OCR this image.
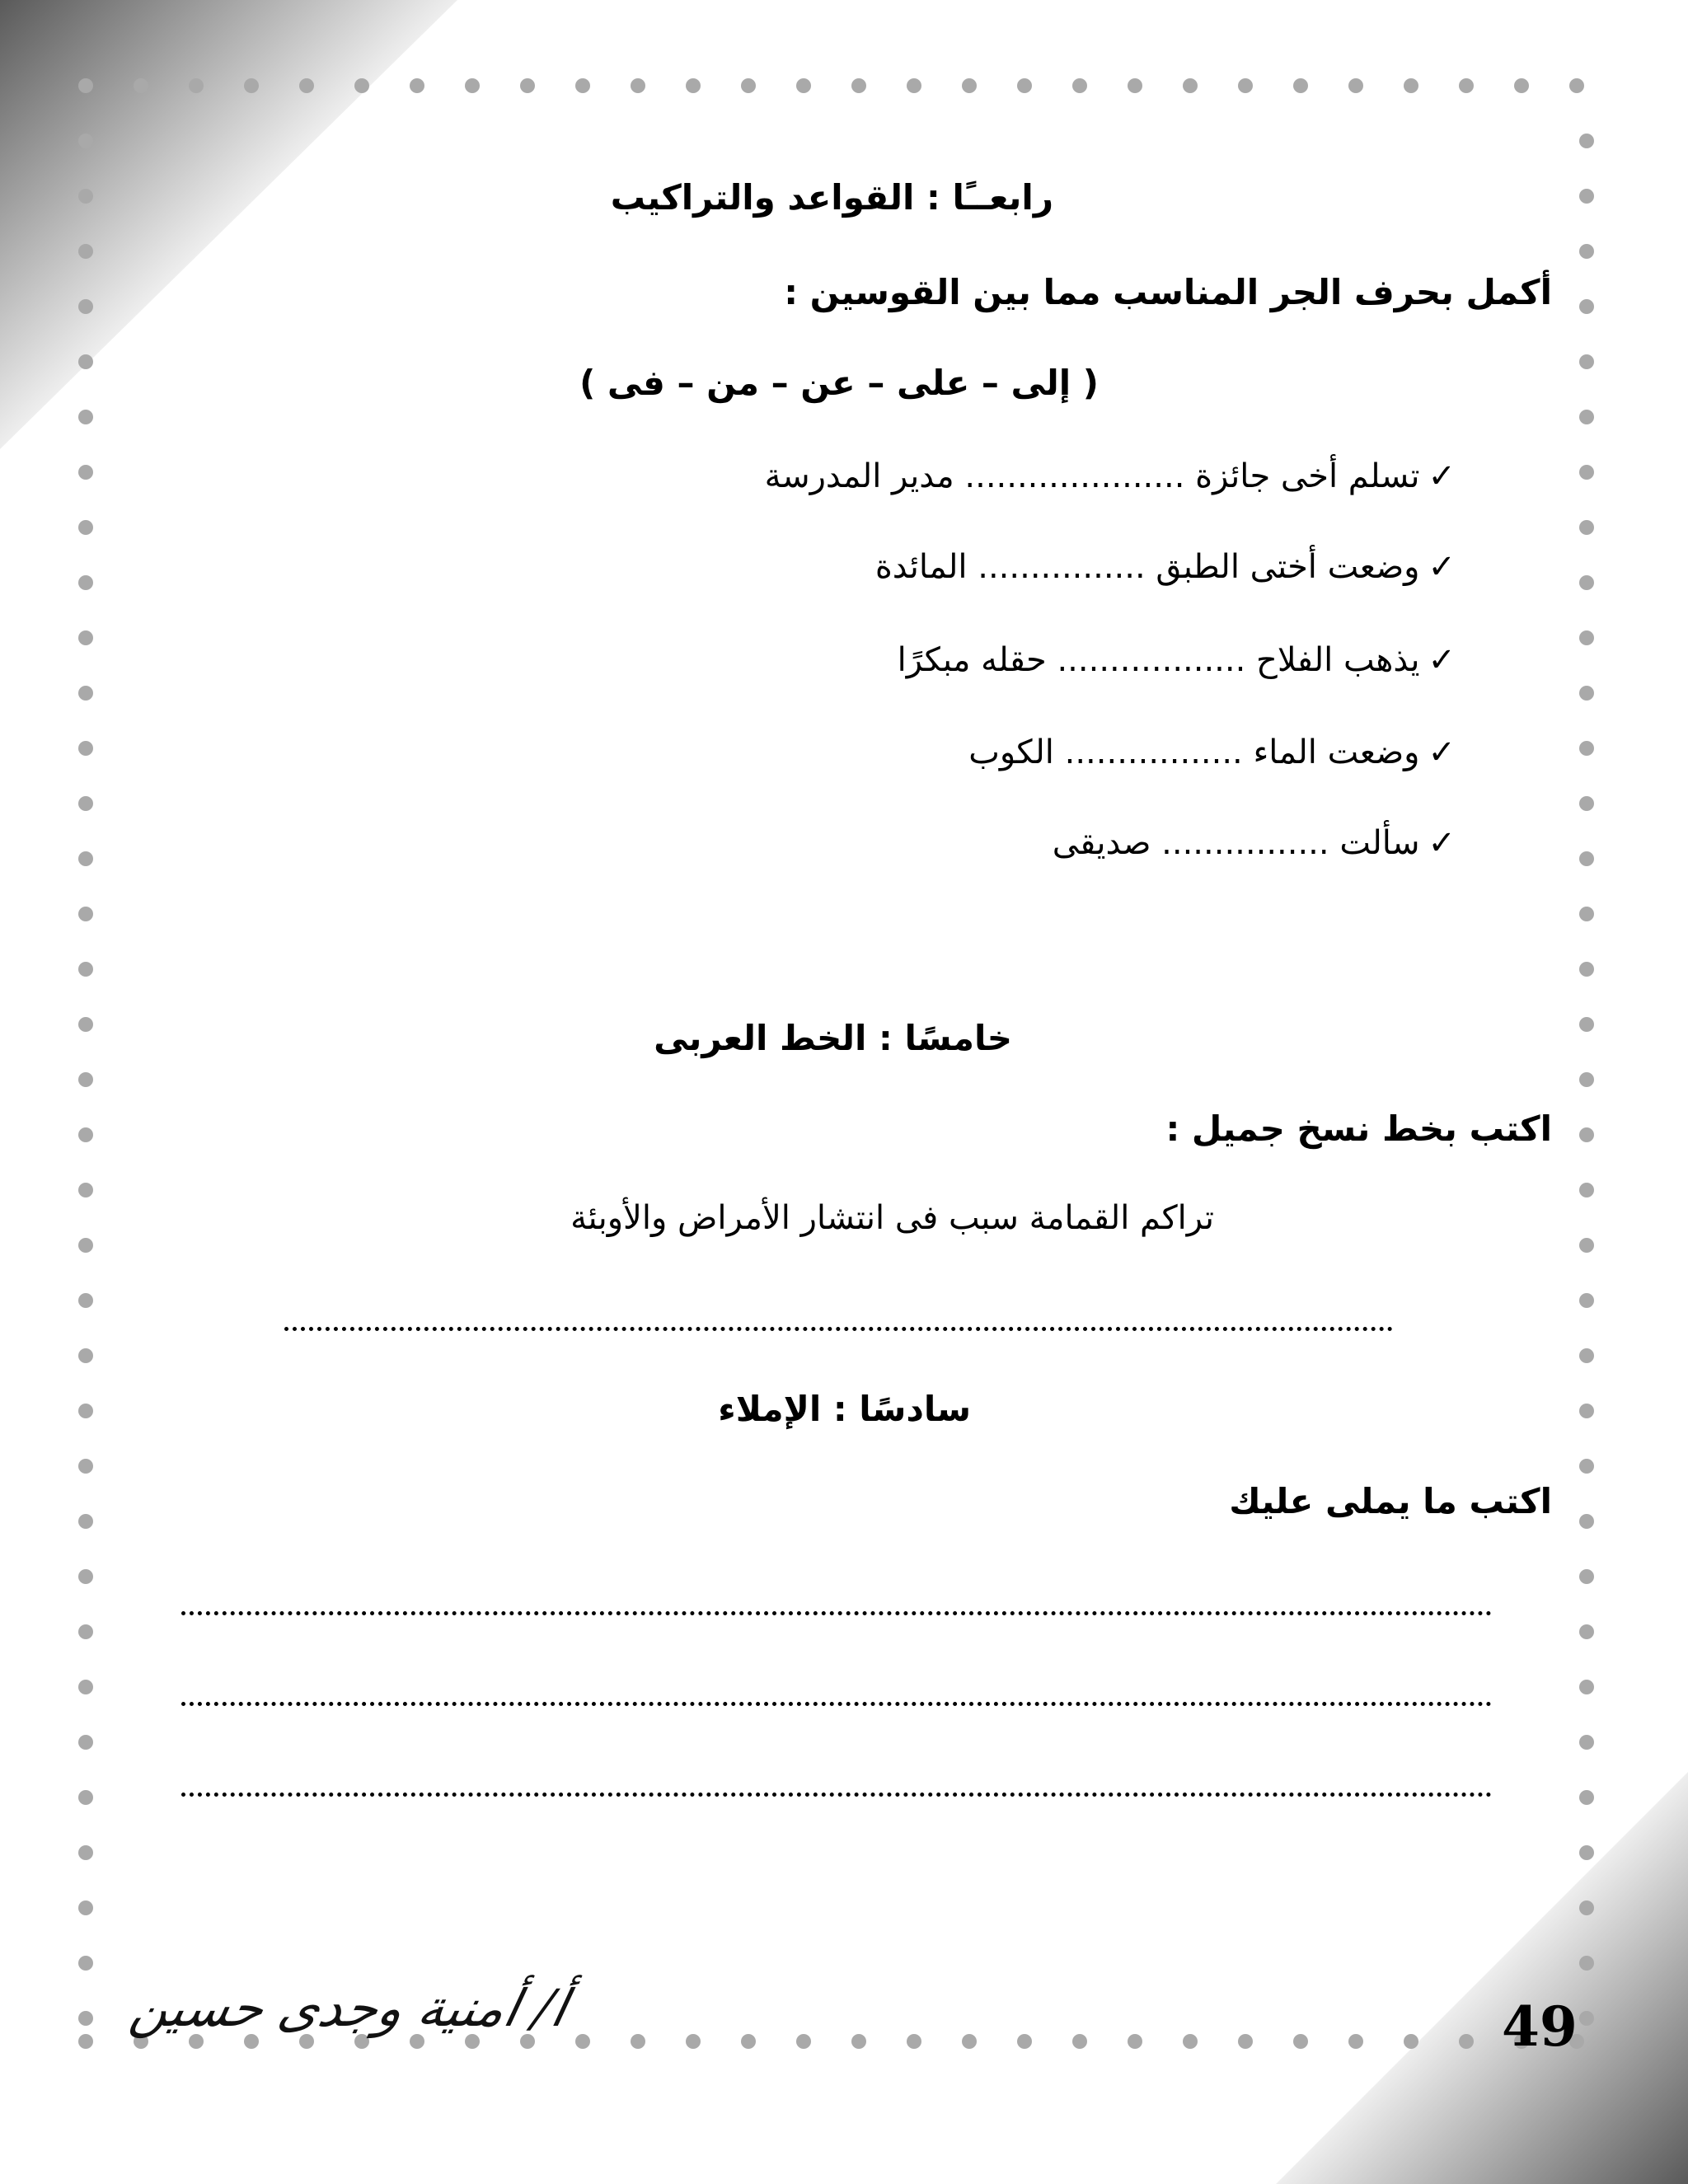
رابعــًا : القواعد والتراكيب
أكمل بحرف الجر المناسب مما بين القوسين :
( إلى – على – عن – من – فى )
✓تسلم أخى جائزة ..................... مدير المدرسة
✓وضعت أختى الطبق ................ المائدة
✓يذهب الفلاح .................. حقله مبكرًا
✓وضعت الماء ................. الكوب
✓سألت ................ صديقى
خامسًا : الخط العربى
اكتب بخط نسخ جميل :
تراكم القمامة سبب فى انتشار الأمراض والأوبئة
سادسًا : الإملاء
اكتب ما يملى عليك
أ/ أمنية وجدى حسين	49
